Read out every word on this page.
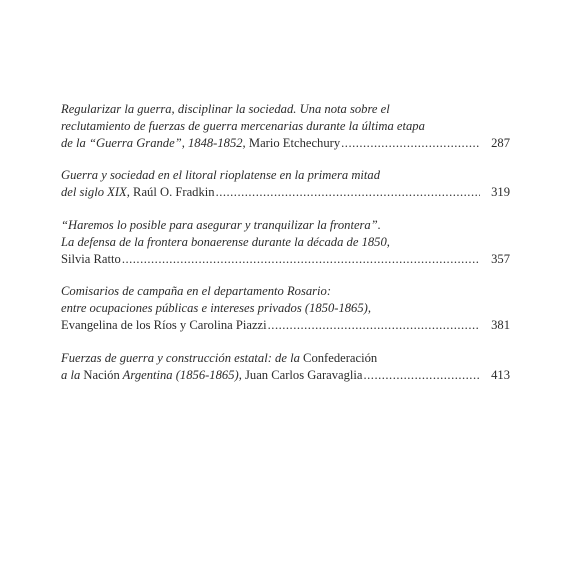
Regularizar la guerra, disciplinar la sociedad. Una nota sobre el
reclutamiento de fuerzas de guerra mercenarias durante la última etapa
de la “Guerra Grande”, 1848-1852, Mario Etchechury .....	287
Guerra y sociedad en el litoral rioplatense en la primera mitad
del siglo XIX, Raúl O. Fradkin .....	319
“Haremos lo posible para asegurar y tranquilizar la frontera”.
La defensa de la frontera bonaerense durante la década de 1850,
Silvia Ratto .....	357
Comisarios de campaña en el departamento Rosario:
entre ocupaciones públicas e intereses privados (1850-1865),
Evangelina de los Ríos y Carolina Piazzi .....	381
Fuerzas de guerra y construcción estatal: de la Confederación
a la Nación Argentina (1856-1865), Juan Carlos Garavaglia .....	413
